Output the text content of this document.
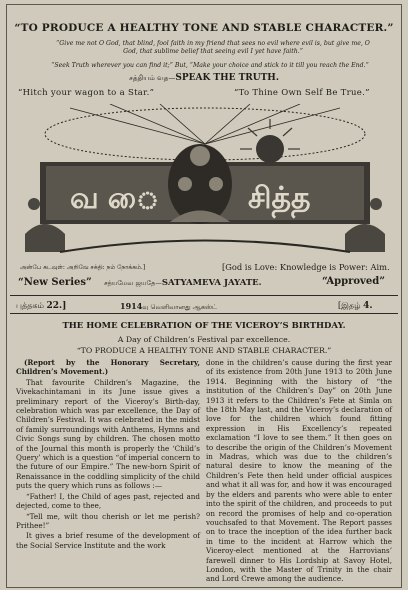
“TO PRODUCE A HEALTHY TONE AND STABLE CHARACTER.”
“Give me not O God, that blind, fool faith in my friend that sees no evil where evil is, but give me, O God, that sublime belief that seeing evil I yet have faith.”
“Seek Truth wherever you can find it;” But, “Make your choice and stick to it till you reach the End.”
சத்தியம் வத—SPEAK THE TRUTH.
“Hitch your wagon to a Star.”	“To Thine Own Self Be True.”
வ ை	சித்த
அன்பே கடவுள்: அறிவே சக்தி: நம் நோக்கம்.]	[God is Love: Knowledge is Power: Aim.
“New Series” சத்யமேவ ஜயதே—SATYAMEVA JAYATE.	“Approved”
புத்தகம் 22.]	1914வு வெளிவானது ஆகஸ்ட்	[இதழ் 4.
THE HOME CELEBRATION OF THE VICEROY’S BIRTHDAY.
A Day of Children’s Festival par excellence.
“TO PRODUCE A HEALTHY TONE AND STABLE CHARACTER.”

(Report by the Honorary Secretary, Children’s Movement.)

That favourite Children’s Magazine, the Vivekachintamani in its June issue gives a preliminary report of the Viceroy’s Birth-day, celebration which was par excellence, the Day of Children’s Festival. It was celebrated in the midst of family surroundings with Anthems, Hymns and Civic Songs sung by children. The chosen motto of the Journal this month is properly the ‘Child’s Query’ which is a question “of imperial concern to the future of our Empire.” The new-born Spirit of Renaissance in the coddling simplicity of the child puts the query which runs as follows :—

“Father! I, the Child of ages past, rejected and dejected, come to thee,

“Tell me, wilt thou cherish or let me perish? Prithee!”

It gives a brief resume of the development of the Social Service Institute and the work

done in the children’s cause during the first year of its existence from 20th June 1913 to 20th June 1914. Beginning with the history of “the institution of the Children’s Day” on 20th June 1913 it refers to the Children’s Fete at Simla on the 18th May last, and the Viceroy’s declaration of love for the children which found fitting expression in His Excellency’s repeated exclamation “I love to see them.” It then goes on to describe the origin of the Children’s Movement in Madras, which was due to the children’s natural desire to know the meaning of the Children’s Fete then held under official auspices and what it all was for, and how it was encouraged by the elders and parents who were able to enter into the spirit of the children, and proceeds to put on record the promises of help and co-operation vouchsafed to that Movement. The Report passes on to trace the inception of the idea further back in time to the incident at Harrow which the Viceroy-elect mentioned at the Harrovians’ farewell dinner to His Lordship at Savoy Hotel, London, with the Master of Trinity in the chair and Lord Crewe among the audience.
